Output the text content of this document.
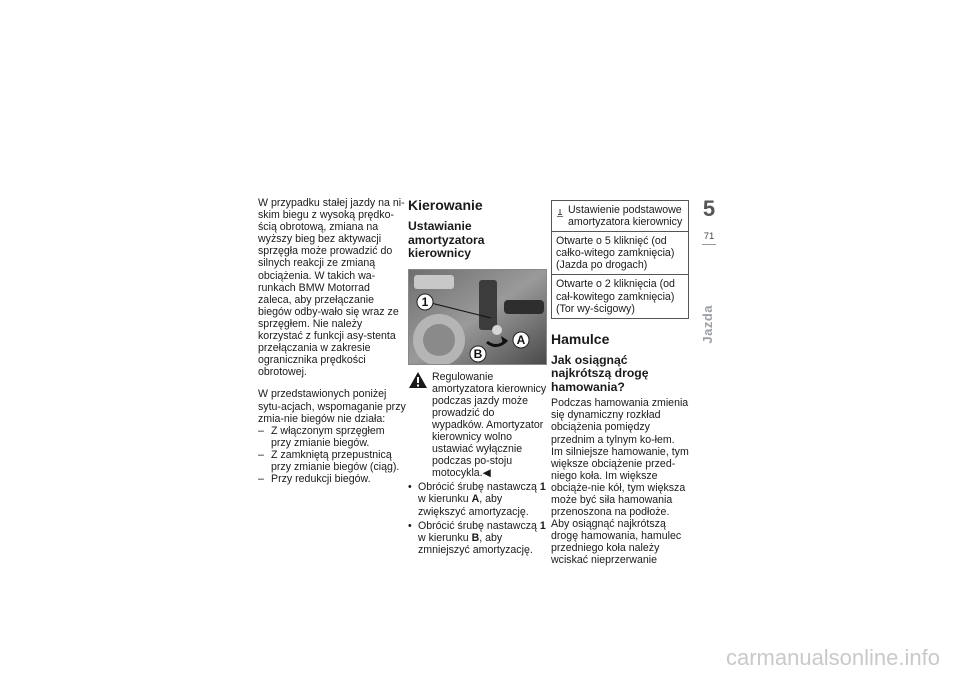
W przypadku stałej jazdy na ni-skim biegu z wysoką prędko-ścią obrotową, zmiana na wyższy bieg bez aktywacji sprzęgła może prowadzić do silnych reakcji ze zmianą obciążenia. W takich wa-runkach BMW Motorrad zaleca, aby przełączanie biegów odby-wało się wraz ze sprzęgłem. Nie należy korzystać z funkcji asy-stenta przełączania w zakresie ogranicznika prędkości obrotowej.

W przedstawionych poniżej sytu-acjach, wspomaganie przy zmia-nie biegów nie działa:

– Z włączonym sprzęgłem przy zmianie biegów.
– Z zamkniętą przepustnicą przy zmianie biegów (ciąg).
– Przy redukcji biegów.
Kierowanie
Ustawianie amortyzatora kierownicy
1
A
B
Regulowanie amortyzatora kierownicy podczas jazdy może prowadzić do wypadków. Amortyzator kierownicy wolno ustawiać wyłącznie podczas po-stoju motocykla.◀
• Obrócić śrubę nastawczą 1 w kierunku A, aby zwiększyć amortyzację.
• Obrócić śrubę nastawczą 1 w kierunku B, aby zmniejszyć amortyzację.
Ustawienie podstawowe amortyzatora kierownicy

Otwarte o 5 kliknięć (od całko-witego zamknięcia) (Jazda po drogach)
Otwarte o 2 kliknięcia (od cał-kowitego zamknięcia) (Tor wy-ścigowy)
Hamulce
Jak osiągnąć najkrótszą drogę hamowania?
Podczas hamowania zmienia się dynamiczny rozkład obciążenia pomiędzy przednim a tylnym ko-łem. Im silniejsze hamowanie, tym większe obciążenie przed-niego koła. Im większe obciąże-nie kół, tym większa może być siła hamowania przenoszona na podłoże.
Aby osiągnąć najkrótszą drogę hamowania, hamulec przedniego koła należy wciskać nieprzerwanie
5
71
Jazda
carmanualsonline.info
